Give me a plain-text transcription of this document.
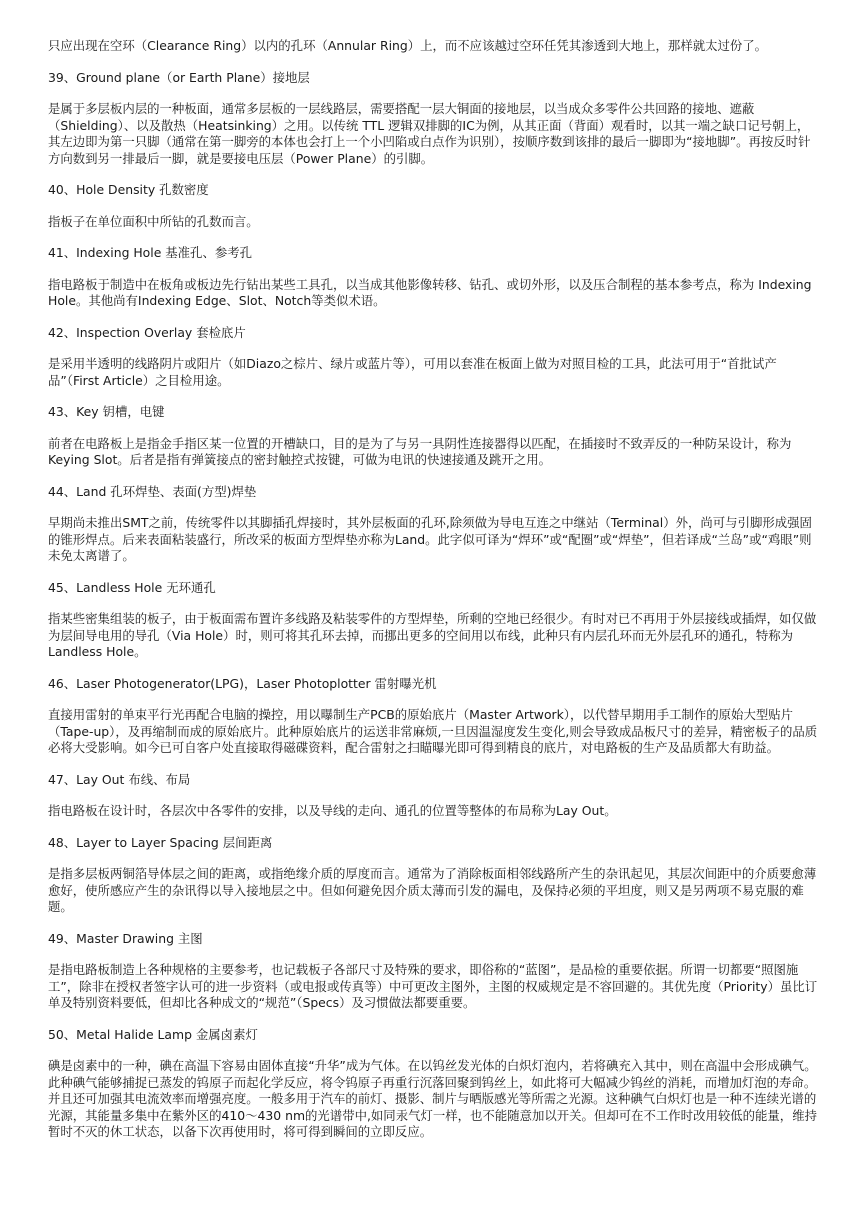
只应出现在空环（Clearance Ring）以内的孔环（Annular Ring）上，而不应该越过空环任凭其渗透到大地上，那样就太过份了。

39、Ground plane（or Earth Plane）接地层

是属于多层板内层的一种板面，通常多层板的一层线路层，需要搭配一层大铜面的接地层，以当成众多零件公共回路的接地、遮蔽（Shielding）、以及散热（Heatsinking）之用。以传统 TTL 逻辑双排脚的IC为例，从其正面（背面）观看时，以其一端之缺口记号朝上，其左边即为第一只脚（通常在第一脚旁的本体也会打上一个小凹陷或白点作为识别），按顺序数到该排的最后一脚即为“接地脚”。再按反时针方向数到另一排最后一脚，就是要接电压层（Power Plane）的引脚。

40、Hole Density 孔数密度

指板子在单位面积中所钻的孔数而言。

41、Indexing Hole 基准孔、参考孔

指电路板于制造中在板角或板边先行钻出某些工具孔，以当成其他影像转移、钻孔、或切外形，以及压合制程的基本参考点，称为 Indexing Hole。其他尚有Indexing Edge、Slot、Notch等类似术语。

42、Inspection Overlay 套检底片

是采用半透明的线路阴片或阳片（如Diazo之棕片、绿片或蓝片等），可用以套准在板面上做为对照目检的工具，此法可用于“首批试产品”（First Article）之目检用途。

43、Key 钥槽，电键

前者在电路板上是指金手指区某一位置的开槽缺口，目的是为了与另一具阴性连接器得以匹配，在插接时不致弄反的一种防呆设计，称为Keying Slot。后者是指有弹簧接点的密封触控式按键，可做为电讯的快速接通及跳开之用。

44、Land 孔环焊垫、表面(方型)焊垫

早期尚未推出SMT之前，传统零件以其脚插孔焊接时，其外层板面的孔环,除须做为导电互连之中继站（Terminal）外，尚可与引脚形成强固的锥形焊点。后来表面粘装盛行，所改采的板面方型焊垫亦称为Land。此字似可译为“焊环”或“配圈”或“焊垫”，但若译成“兰岛”或“鸡眼”则未免太离谱了。

45、Landless Hole 无环通孔

指某些密集组装的板子，由于板面需布置许多线路及粘装零件的方型焊垫，所剩的空地已经很少。有时对已不再用于外层接线或插焊，如仅做为层间导电用的导孔（Via Hole）时，则可将其孔环去掉，而挪出更多的空间用以布线，此种只有内层孔环而无外层孔环的通孔，特称为Landless Hole。

46、Laser Photogenerator(LPG)，Laser Photoplotter 雷射曝光机

直接用雷射的单束平行光再配合电脑的操控，用以曝制生产PCB的原始底片（Master Artwork），以代替早期用手工制作的原始大型贴片（Tape-up），及再缩制而成的原始底片。此种原始底片的运送非常麻烦,一旦因温湿度发生变化,则会导致成品板尺寸的差异，精密板子的品质必将大受影响。如今已可自客户处直接取得磁碟资料，配合雷射之扫瞄曝光即可得到精良的底片，对电路板的生产及品质都大有助益。

47、Lay Out 布线、布局

指电路板在设计时，各层次中各零件的安排，以及导线的走向、通孔的位置等整体的布局称为Lay Out。

48、Layer to Layer Spacing 层间距离

是指多层板两铜箔导体层之间的距离，或指绝缘介质的厚度而言。通常为了消除板面相邻线路所产生的杂讯起见，其层次间距中的介质要愈薄愈好，使所感应产生的杂讯得以导入接地层之中。但如何避免因介质太薄而引发的漏电，及保持必须的平坦度，则又是另两项不易克服的难题。

49、Master Drawing 主图

是指电路板制造上各种规格的主要参考，也记载板子各部尺寸及特殊的要求，即俗称的“蓝图”，是品检的重要依据。所谓一切都要“照图施工”，除非在授权者签字认可的进一步资料（或电报或传真等）中可更改主图外，主图的权威规定是不容回避的。其优先度（Priority）虽比订单及特别资料要低，但却比各种成文的“规范”（Specs）及习惯做法都要重要。

50、Metal Halide Lamp 金属卤素灯

碘是卤素中的一种，碘在高温下容易由固体直接“升华”成为气体。在以钨丝发光体的白炽灯泡内，若将碘充入其中，则在高温中会形成碘气。此种碘气能够捕捉已蒸发的钨原子而起化学反应，将令钨原子再重行沉落回聚到钨丝上，如此将可大幅减少钨丝的消耗，而增加灯泡的寿命。并且还可加强其电流效率而增强亮度。一般多用于汽车的前灯、摄影、制片与晒版感光等所需之光源。这种碘气白炽灯也是一种不连续光谱的光源，其能量多集中在紫外区的410～430 nm的光谱带中,如同汞气灯一样，也不能随意加以开关。但却可在不工作时改用较低的能量，维持暂时不灭的休工状态，以备下次再使用时，将可得到瞬间的立即反应。
